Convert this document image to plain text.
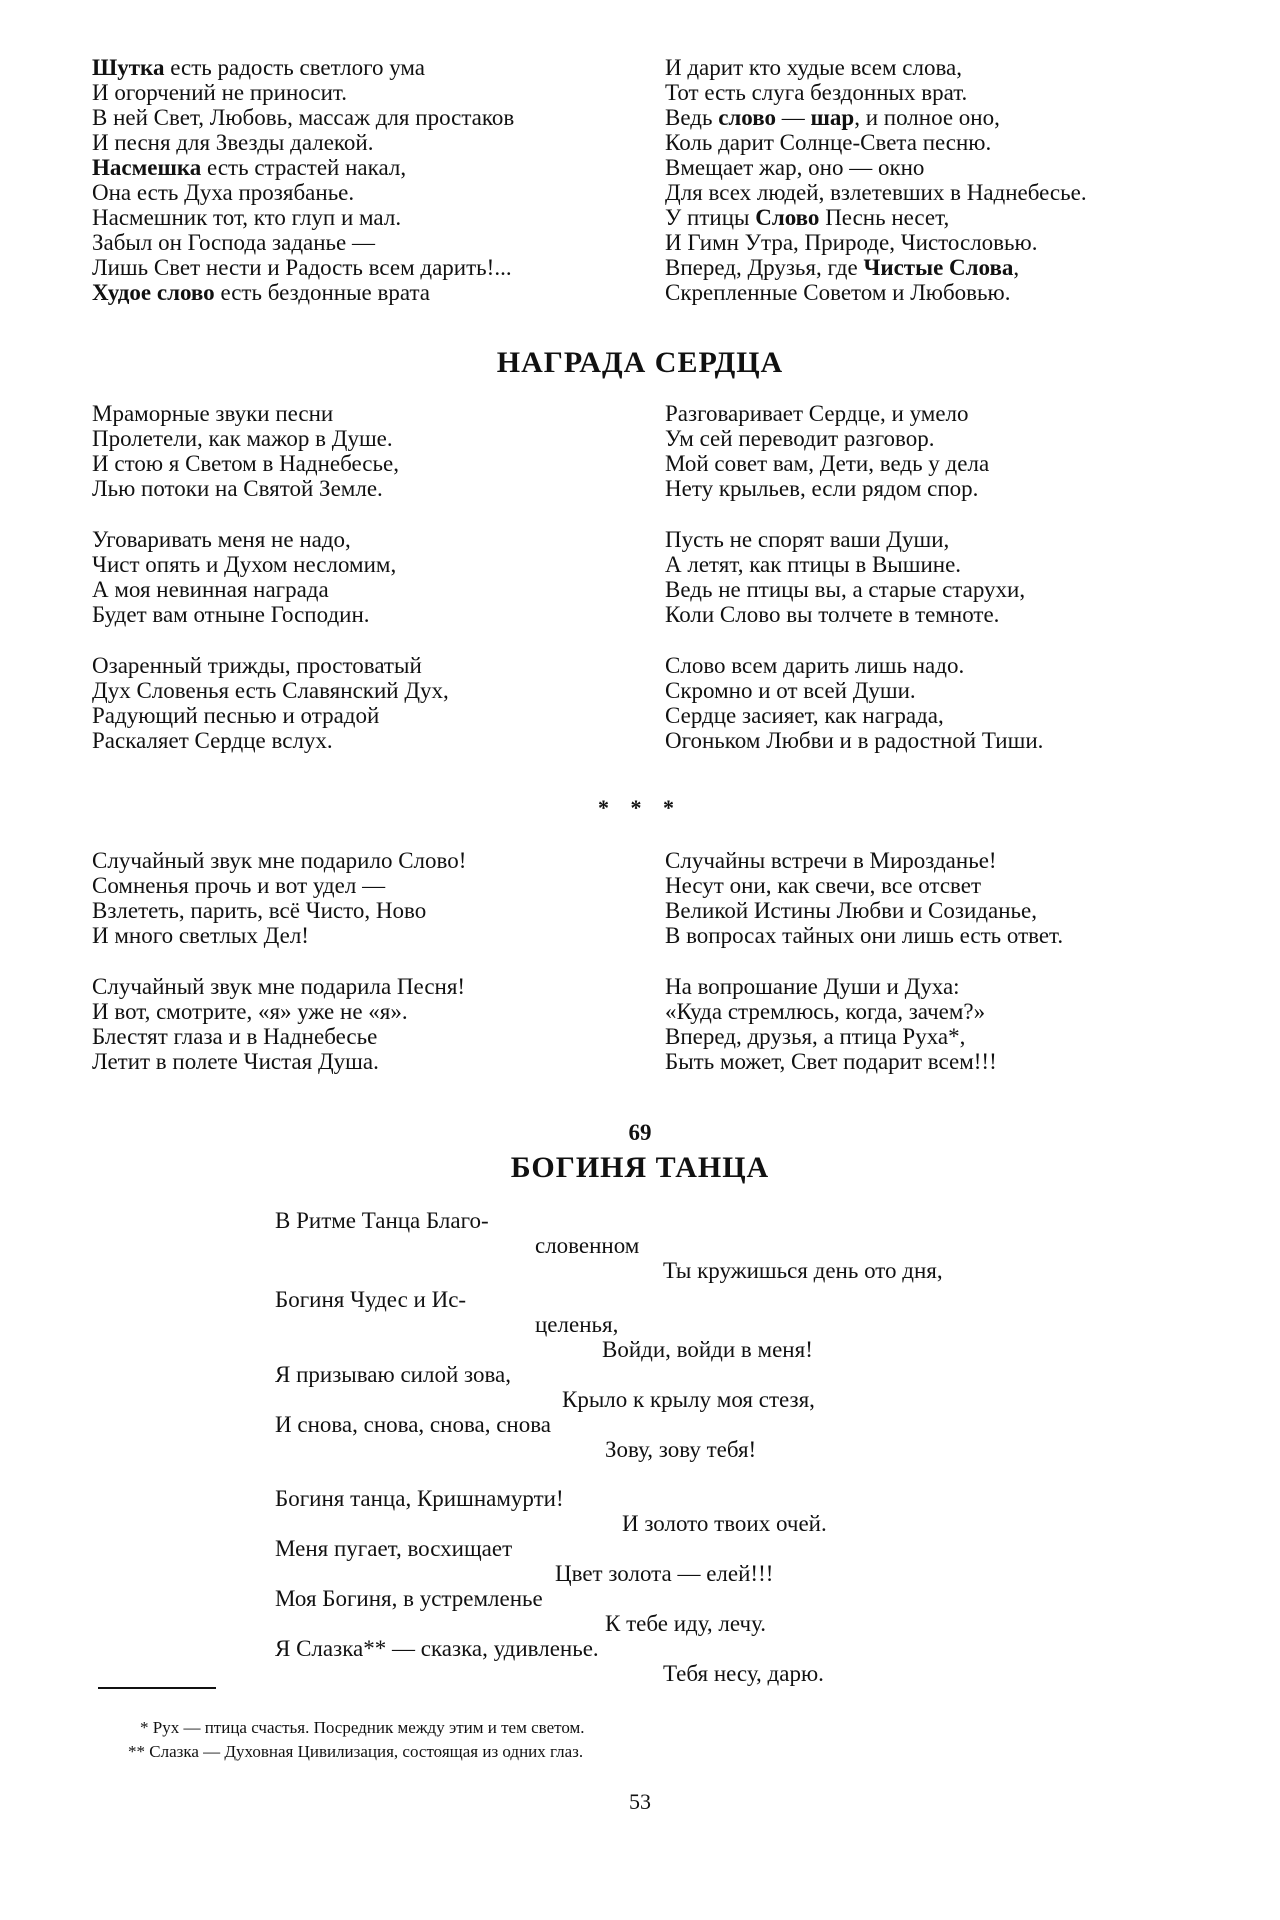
Шутка есть радость светлого ума
И огорчений не приносит.
В ней Свет, Любовь, массаж для простаков
И песня для Звезды далекой.
Насмешка есть страстей накал,
Она есть Духа прозябанье.
Насмешник тот, кто глуп и мал.
Забыл он Господа заданье —
Лишь Свет нести и Радость всем дарить!...
Худое слово есть бездонные врата
И дарит кто худые всем слова,
Тот есть слуга бездонных врат.
Ведь слово — шар, и полное оно,
Коль дарит Солнце-Света песню.
Вмещает жар, оно — окно
Для всех людей, взлетевших в Наднебесье.
У птицы Слово Песнь несет,
И Гимн Утра, Природе, Чистословью.
Вперед, Друзья, где Чистые Слова,
Скрепленные Советом и Любовью.
НАГРАДА СЕРДЦА
Мраморные звуки песни
Пролетели, как мажор в Душе.
И стою я Светом в Наднебесье,
Лью потоки на Святой Земле.
Уговаривать меня не надо,
Чист опять и Духом несломим,
А моя невинная награда
Будет вам отныне Господин.
Озаренный трижды, простоватый
Дух Словенья есть Славянский Дух,
Радующий песнью и отрадой
Раскаляет Сердце вслух.
Разговаривает Сердце, и умело
Ум сей переводит разговор.
Мой совет вам, Дети, ведь у дела
Нету крыльев, если рядом спор.
Пусть не спорят ваши Души,
А летят, как птицы в Вышине.
Ведь не птицы вы, а старые старухи,
Коли Слово вы толчете в темноте.
Слово всем дарить лишь надо.
Скромно и от всей Души.
Сердце засияет, как награда,
Огоньком Любви и в радостной Тиши.
* * *
Случайный звук мне подарило Слово!
Сомненья прочь и вот удел —
Взлететь, парить, всё Чисто, Ново
И много светлых Дел!
Случайный звук мне подарила Песня!
И вот, смотрите, «я» уже не «я».
Блестят глаза и в Наднебесье
Летит в полете Чистая Душа.
Случайны встречи в Мирозданье!
Несут они, как свечи, все отсвет
Великой Истины Любви и Созиданье,
В вопросах тайных они лишь есть ответ.
На вопрошание Души и Духа:
«Куда стремлюсь, когда, зачем?»
Вперед, друзья, а птица Руха*,
Быть может, Свет подарит всем!!!
69
БОГИНЯ ТАНЦА
В Ритме Танца Благо-
словенном
Ты кружишься день ото дня,
Богиня Чудес и Ис-
целенья,
Войди, войди в меня!
Я призываю силой зова,
Крыло к крылу моя стезя,
И снова, снова, снова, снова
Зову, зову тебя!
Богиня танца, Кришнамурти!
И золото твоих очей.
Меня пугает, восхищает
Цвет золота — елей!!!
Моя Богиня, в устремленье
К тебе иду, лечу.
Я Слазка** — сказка, удивленье.
Тебя несу, дарю.
* Рух — птица счастья. Посредник между этим и тем светом.
** Слазка — Духовная Цивилизация, состоящая из одних глаз.
53
